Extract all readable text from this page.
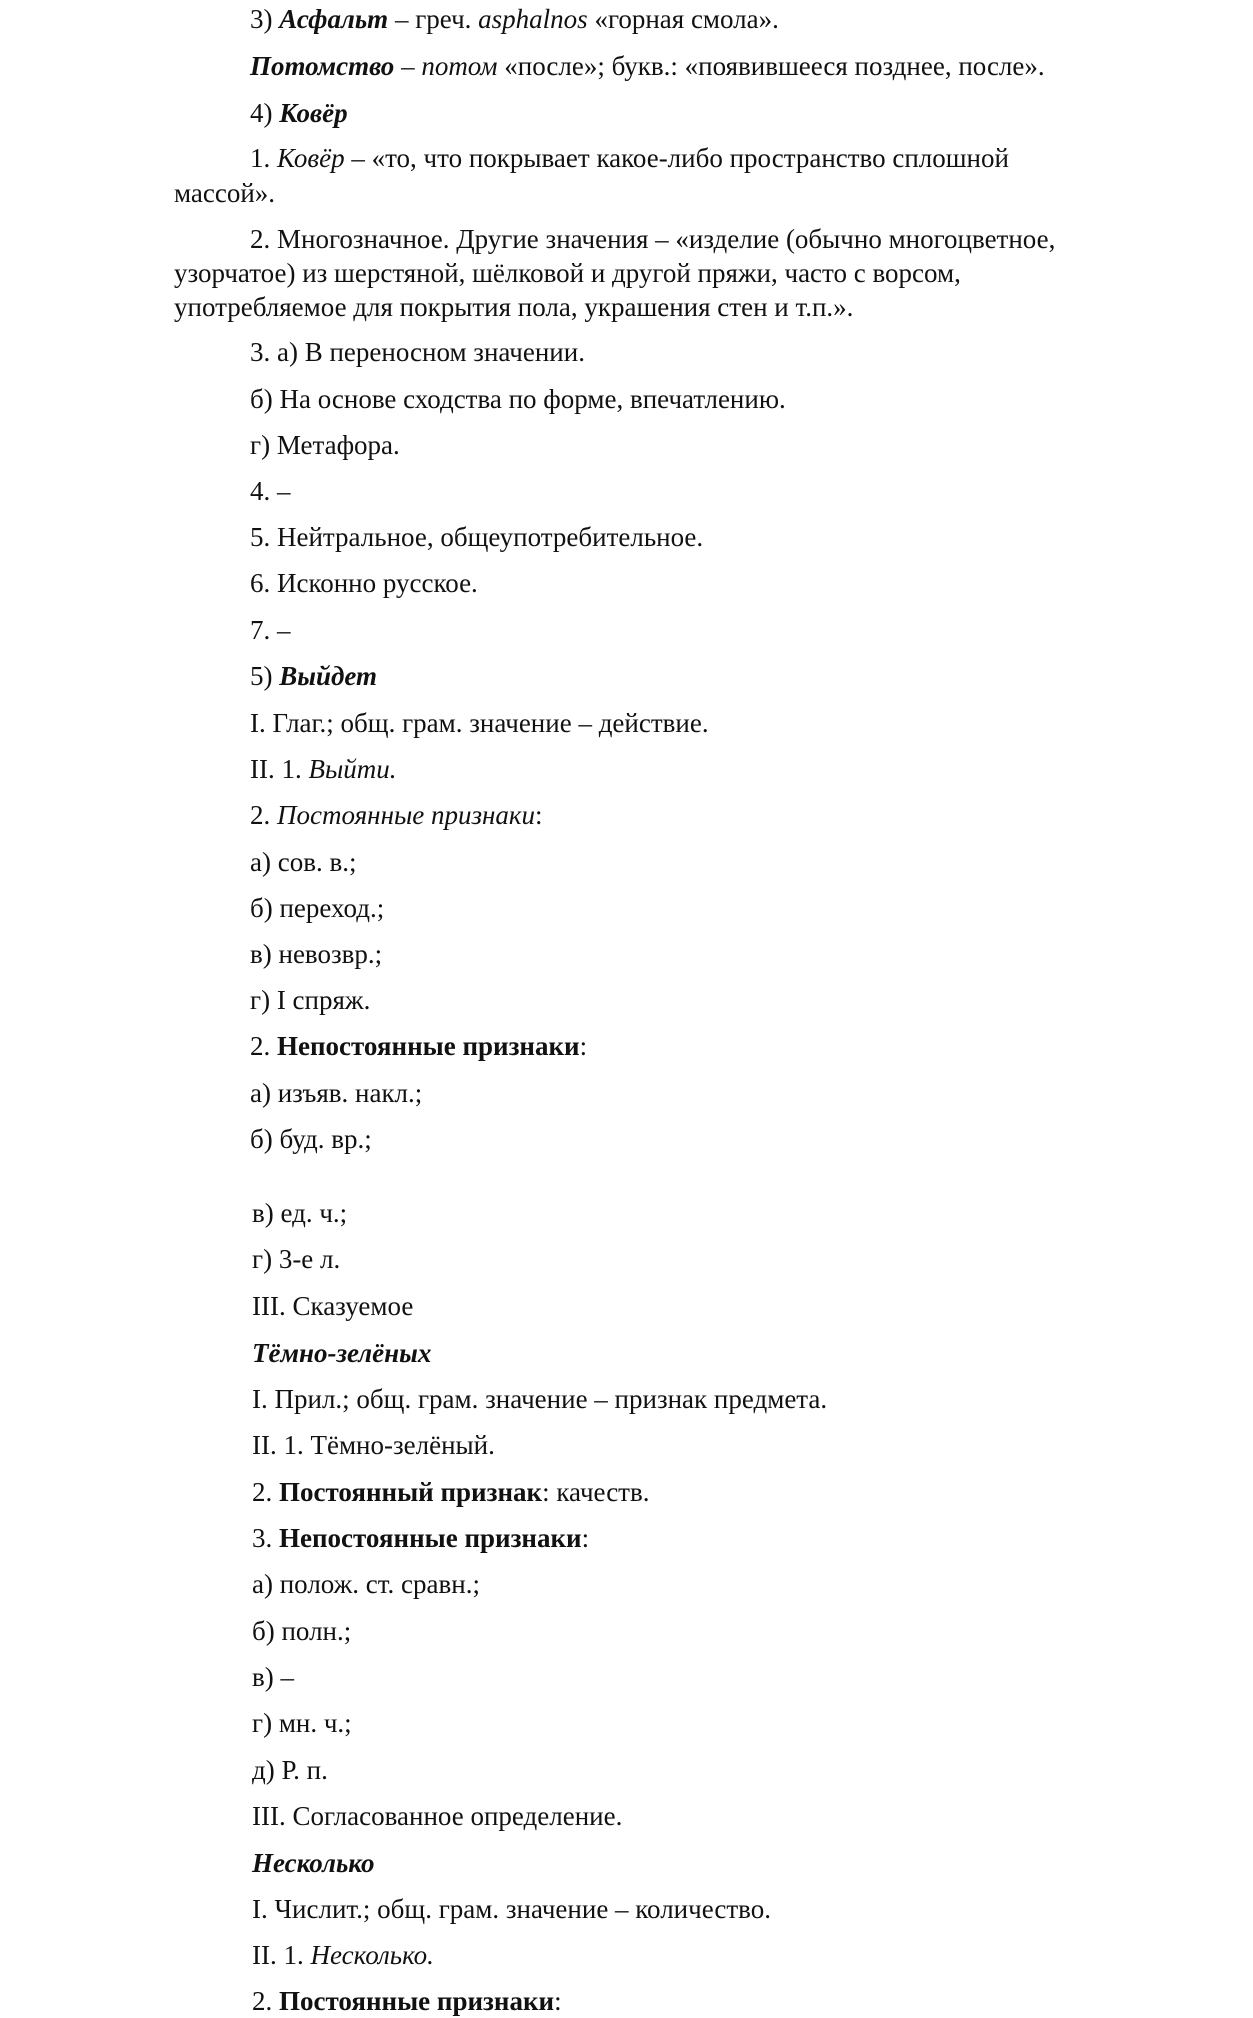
3) Асфальт – греч. asphalnos «горная смола».

Потомство – потом «после»; букв.: «появившееся позднее, после».

4) Ковёр

1. Ковёр – «то, что покрывает какое-либо пространство сплошной

массой».

2. Многозначное. Другие значения – «изделие (обычно многоцветное,

узорчатое) из шерстяной, шёлковой и другой пряжи, часто с ворсом,

употребляемое для покрытия пола, украшения стен и т.п.».

3. а) В переносном значении.

б) На основе сходства по форме, впечатлению.

г) Метафора.

4. –

5. Нейтральное, общеупотребительное.

6. Исконно русское.

7. –

5) Выйдет

I. Глаг.; общ. грам. значение – действие.

II. 1. Выйти.

2. Постоянные признаки:

а) сов. в.;

б) переход.;

в) невозвр.;

г) I спряж.

2. Непостоянные признаки:

а) изъяв. накл.;

б) буд. вр.;

в) ед. ч.;

г) 3-е л.

III. Сказуемое

Тёмно-зелёных

I. Прил.; общ. грам. значение – признак предмета.

II. 1. Тёмно-зелёный.

2. Постоянный признак: качеств.

3. Непостоянные признаки:

а) полож. ст. сравн.;

б) полн.;

в) –

г) мн. ч.;

д) Р. п.

III. Согласованное определение.

Несколько

I. Числит.; общ. грам. значение – количество.

II. 1. Несколько.

2. Постоянные признаки:
